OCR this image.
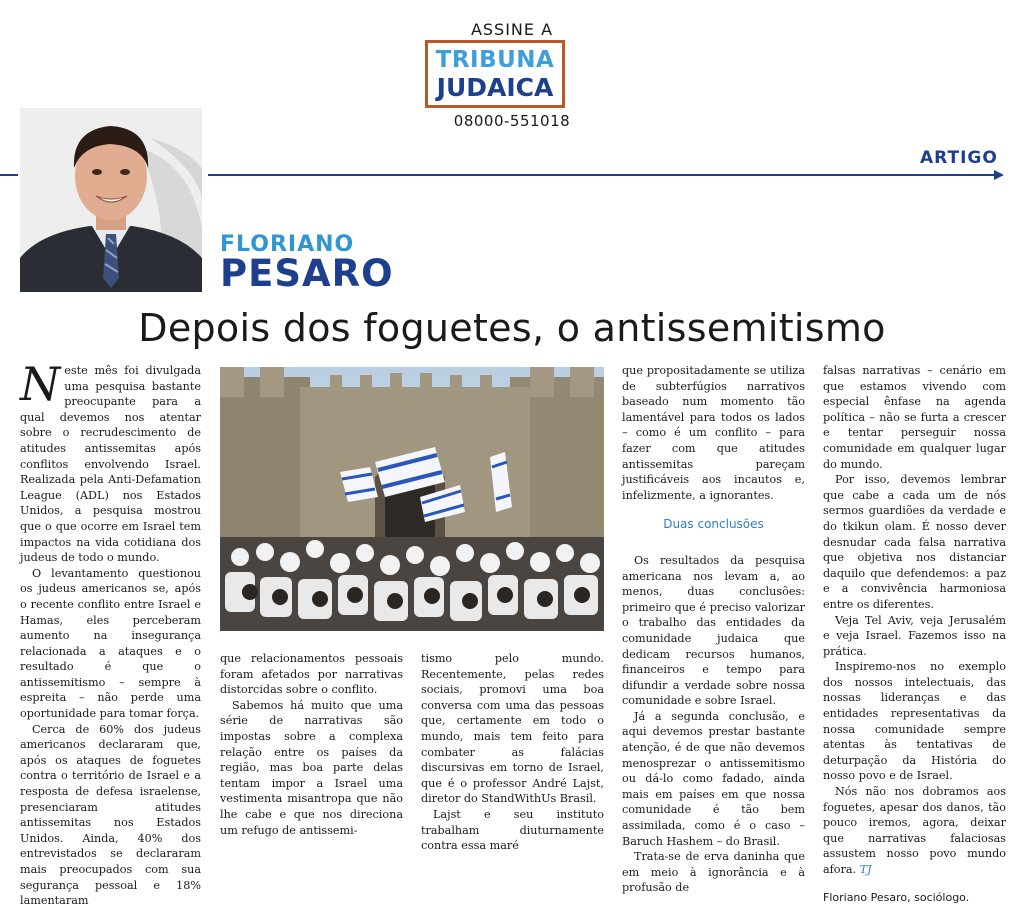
ASSINE A
TRIBUNA
JUDAICA
08000-551018
ARTIGO
FLORIANO
PESARO
Depois dos foguetes, o antissemitismo

Neste mês foi divulgada uma pesquisa bastante preocupante para a qual devemos nos atentar sobre o recrudescimento de atitudes antissemitas após conflitos envolvendo Israel. Realizada pela Anti-Defamation League (ADL) nos Estados Unidos, a pesquisa mostrou que o que ocorre em Israel tem impactos na vida cotidiana dos judeus de todo o mundo.

O levantamento questionou os judeus americanos se, após o recente conflito entre Israel e Hamas, eles perceberam aumento na insegurança relacionada a ataques e o resultado é que o antissemitismo – sempre à espreita – não perde uma oportunidade para tomar força.

Cerca de 60% dos judeus americanos declararam que, após os ataques de foguetes contra o território de Israel e a resposta de defesa israelense, presenciaram atitudes antissemitas nos Estados Unidos. Ainda, 40% dos entrevistados se declararam mais preocupados com sua segurança pessoal e 18% lamentaram

que relacionamentos pessoais foram afetados por narrativas distorcidas sobre o conflito.

Sabemos há muito que uma série de narrativas são impostas sobre a complexa relação entre os países da região, mas boa parte delas tentam impor a Israel uma vestimenta misantropa que não lhe cabe e que nos direciona um refugo de antissemi-

tismo pelo mundo. Recentemente, pelas redes sociais, promovi uma boa conversa com uma das pessoas que, certamente em todo o mundo, mais tem feito para combater as falácias discursivas em torno de Israel, que é o professor André Lajst, diretor do StandWithUs Brasil.

Lajst e seu instituto trabalham diuturnamente contra essa maré

que propositadamente se utiliza de subterfúgios narrativos baseado num momento tão lamentável para todos os lados – como é um conflito – para fazer com que atitudes antissemitas pareçam justificáveis aos incautos e, infelizmente, a ignorantes.

Duas conclusões

Os resultados da pesquisa americana nos levam a, ao menos, duas conclusões: primeiro que é preciso valorizar o trabalho das entidades da comunidade judaica que dedicam recursos humanos, financeiros e tempo para difundir a verdade sobre nossa comunidade e sobre Israel.

Já a segunda conclusão, e aqui devemos prestar bastante atenção, é de que não devemos menosprezar o antissemitismo ou dá-lo como fadado, ainda mais em países em que nossa comunidade é tão bem assimilada, como é o caso – Baruch Hashem – do Brasil.

Trata-se de erva daninha que em meio à ignorância e à profusão de

falsas narrativas – cenário em que estamos vivendo com especial ênfase na agenda política – não se furta a crescer e tentar perseguir nossa comunidade em qualquer lugar do mundo.

Por isso, devemos lembrar que cabe a cada um de nós sermos guardiões da verdade e do tkikun olam. É nosso dever desnudar cada falsa narrativa que objetiva nos distanciar daquilo que defendemos: a paz e a convivência harmoniosa entre os diferentes.

Veja Tel Aviv, veja Jerusalém e veja Israel. Fazemos isso na prática.

Inspiremo-nos no exemplo dos nossos intelectuais, das nossas lideranças e das entidades representativas da nossa comunidade sempre atentas às tentativas de deturpação da História do nosso povo e de Israel.

Nós não nos dobramos aos foguetes, apesar dos danos, tão pouco iremos, agora, deixar que narrativas falaciosas assustem nosso povo mundo afora. TJ

Floriano Pesaro, sociólogo.
